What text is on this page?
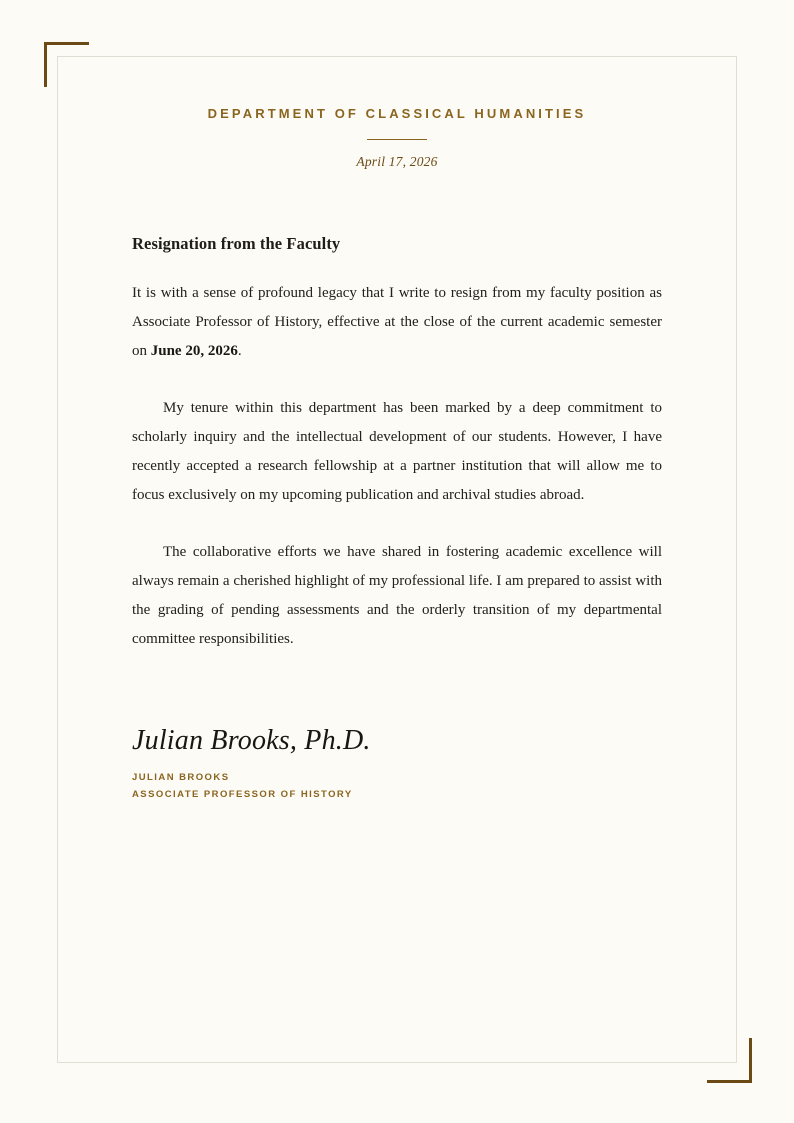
DEPARTMENT OF CLASSICAL HUMANITIES

April 17, 2026

Resignation from the Faculty

It is with a sense of profound legacy that I write to resign from my faculty position as Associate Professor of History, effective at the close of the current academic semester on June 20, 2026.

My tenure within this department has been marked by a deep commitment to scholarly inquiry and the intellectual development of our students. However, I have recently accepted a research fellowship at a partner institution that will allow me to focus exclusively on my upcoming publication and archival studies abroad.

The collaborative efforts we have shared in fostering academic excellence will always remain a cherished highlight of my professional life. I am prepared to assist with the grading of pending assessments and the orderly transition of my departmental committee responsibilities.

Julian Brooks, Ph.D.

JULIAN BROOKS

ASSOCIATE PROFESSOR OF HISTORY
